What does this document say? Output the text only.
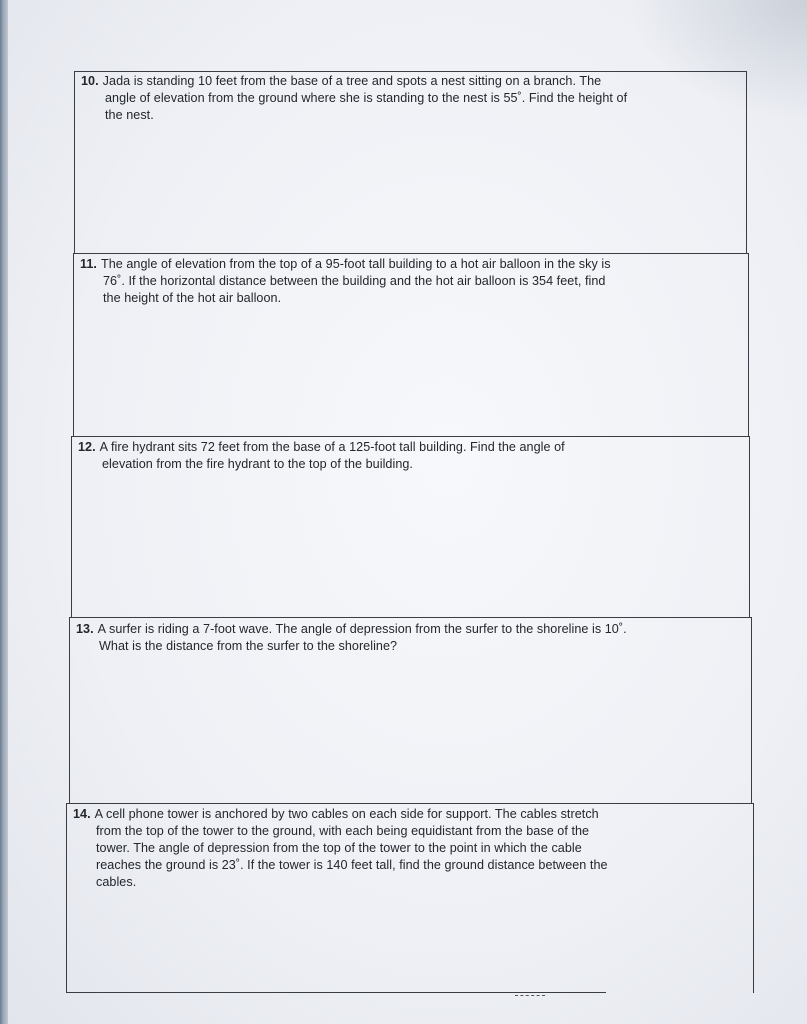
10. Jada is standing 10 feet from the base of a tree and spots a nest sitting on a branch. The
angle of elevation from the ground where she is standing to the nest is 55˚. Find the height of
the nest.
11. The angle of elevation from the top of a 95-foot tall building to a hot air balloon in the sky is
76˚. If the horizontal distance between the building and the hot air balloon is 354 feet, find
the height of the hot air balloon.
12. A fire hydrant sits 72 feet from the base of a 125-foot tall building. Find the angle of
elevation from the fire hydrant to the top of the building.
13. A surfer is riding a 7-foot wave. The angle of depression from the surfer to the shoreline is 10˚.
What is the distance from the surfer to the shoreline?
14. A cell phone tower is anchored by two cables on each side for support. The cables stretch
from the top of the tower to the ground, with each being equidistant from the base of the
tower. The angle of depression from the top of the tower to the point in which the cable
reaches the ground is 23˚. If the tower is 140 feet tall, find the ground distance between the
cables.
